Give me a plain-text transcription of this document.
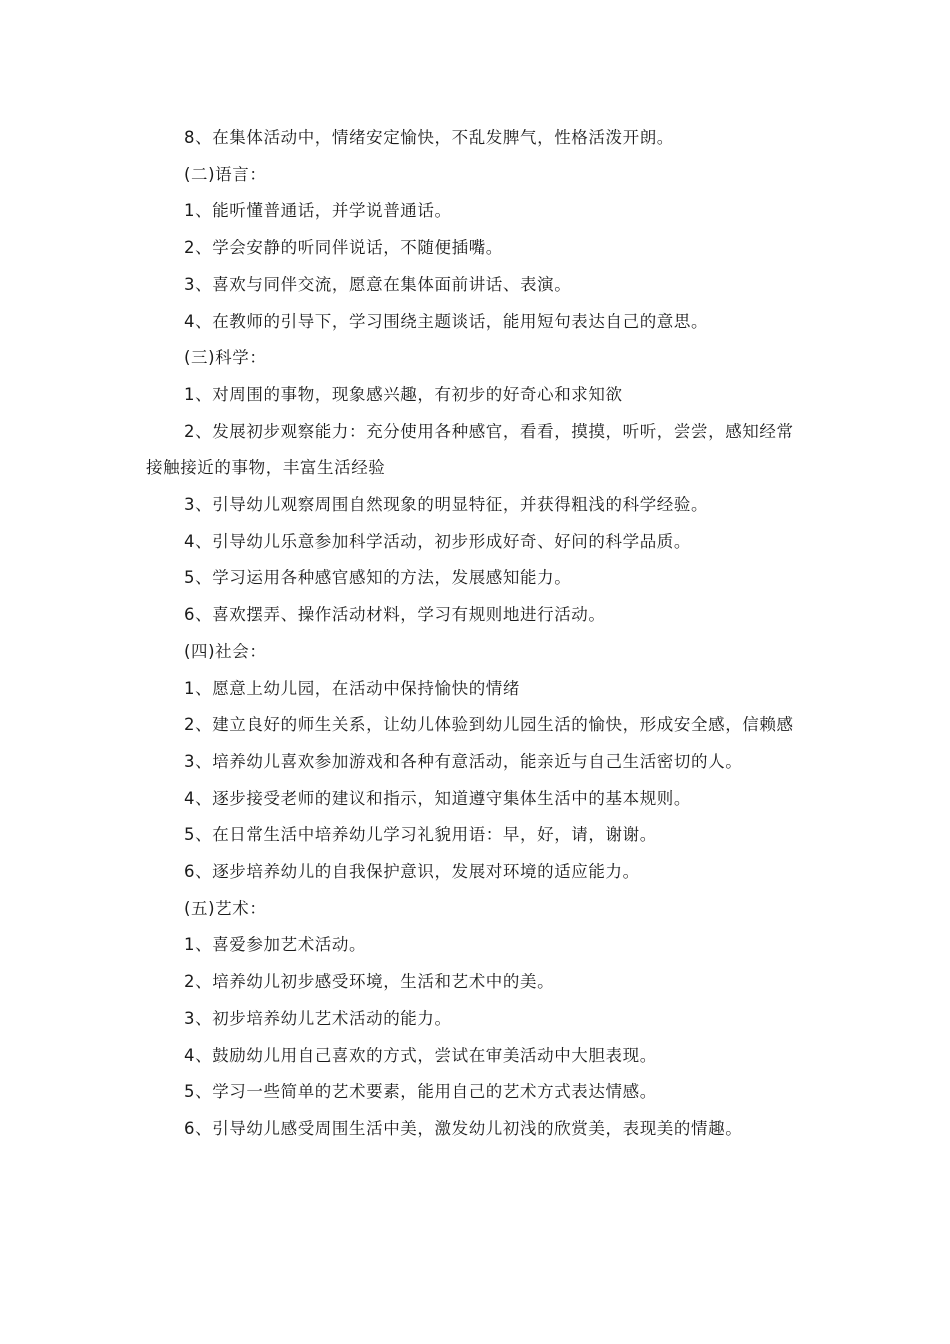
8、在集体活动中，情绪安定愉快，不乱发脾气，性格活泼开朗。
(二)语言：
1、能听懂普通话，并学说普通话。
2、学会安静的听同伴说话，不随便插嘴。
3、喜欢与同伴交流，愿意在集体面前讲话、表演。
4、在教师的引导下，学习围绕主题谈话，能用短句表达自己的意思。
(三)科学：
1、对周围的事物，现象感兴趣，有初步的好奇心和求知欲
2、发展初步观察能力：充分使用各种感官，看看，摸摸，听听，尝尝，感知经常接触接近的事物，丰富生活经验
3、引导幼儿观察周围自然现象的明显特征，并获得粗浅的科学经验。
4、引导幼儿乐意参加科学活动，初步形成好奇、好问的科学品质。
5、学习运用各种感官感知的方法，发展感知能力。
6、喜欢摆弄、操作活动材料，学习有规则地进行活动。
(四)社会：
1、愿意上幼儿园，在活动中保持愉快的情绪
2、建立良好的师生关系，让幼儿体验到幼儿园生活的愉快，形成安全感，信赖感
3、培养幼儿喜欢参加游戏和各种有意活动，能亲近与自己生活密切的人。
4、逐步接受老师的建议和指示，知道遵守集体生活中的基本规则。
5、在日常生活中培养幼儿学习礼貌用语：早，好，请，谢谢。
6、逐步培养幼儿的自我保护意识，发展对环境的适应能力。
(五)艺术：
1、喜爱参加艺术活动。
2、培养幼儿初步感受环境，生活和艺术中的美。
3、初步培养幼儿艺术活动的能力。
4、鼓励幼儿用自己喜欢的方式，尝试在审美活动中大胆表现。
5、学习一些简单的艺术要素，能用自己的艺术方式表达情感。
6、引导幼儿感受周围生活中美，激发幼儿初浅的欣赏美，表现美的情趣。
